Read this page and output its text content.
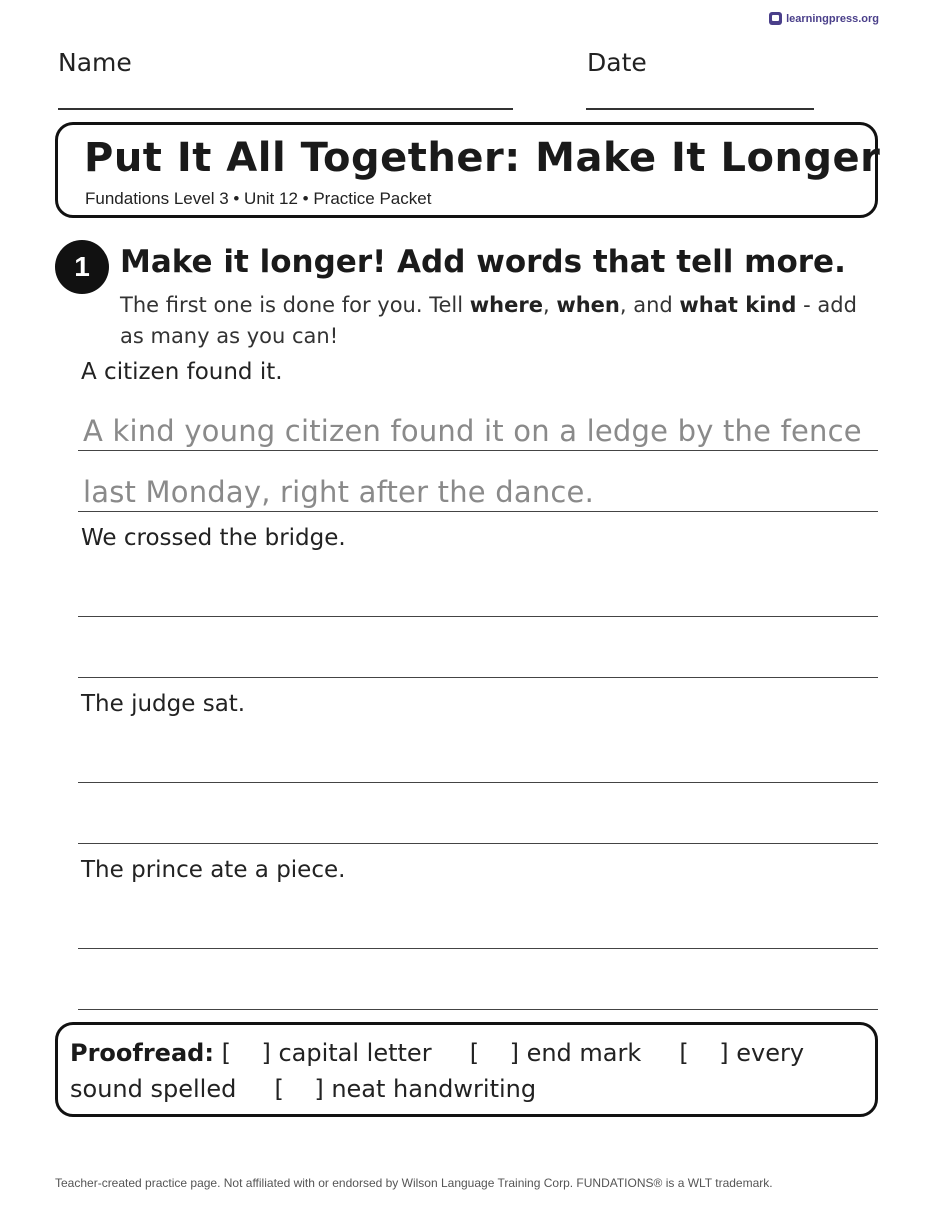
learningpress.org
Name	Date
Put It All Together: Make It Longer
Fundations Level 3 • Unit 12 • Practice Packet
1 Make it longer! Add words that tell more.
The first one is done for you. Tell where, when, and what kind - add as many as you can!
A citizen found it.
A kind young citizen found it on a ledge by the fence
last Monday, right after the dance.
We crossed the bridge.
The judge sat.
The prince ate a piece.
Proofread: [    ] capital letter     [    ] end mark     [    ] every sound spelled     [    ] neat handwriting
Teacher-created practice page. Not affiliated with or endorsed by Wilson Language Training Corp. FUNDATIONS® is a WLT trademark.
